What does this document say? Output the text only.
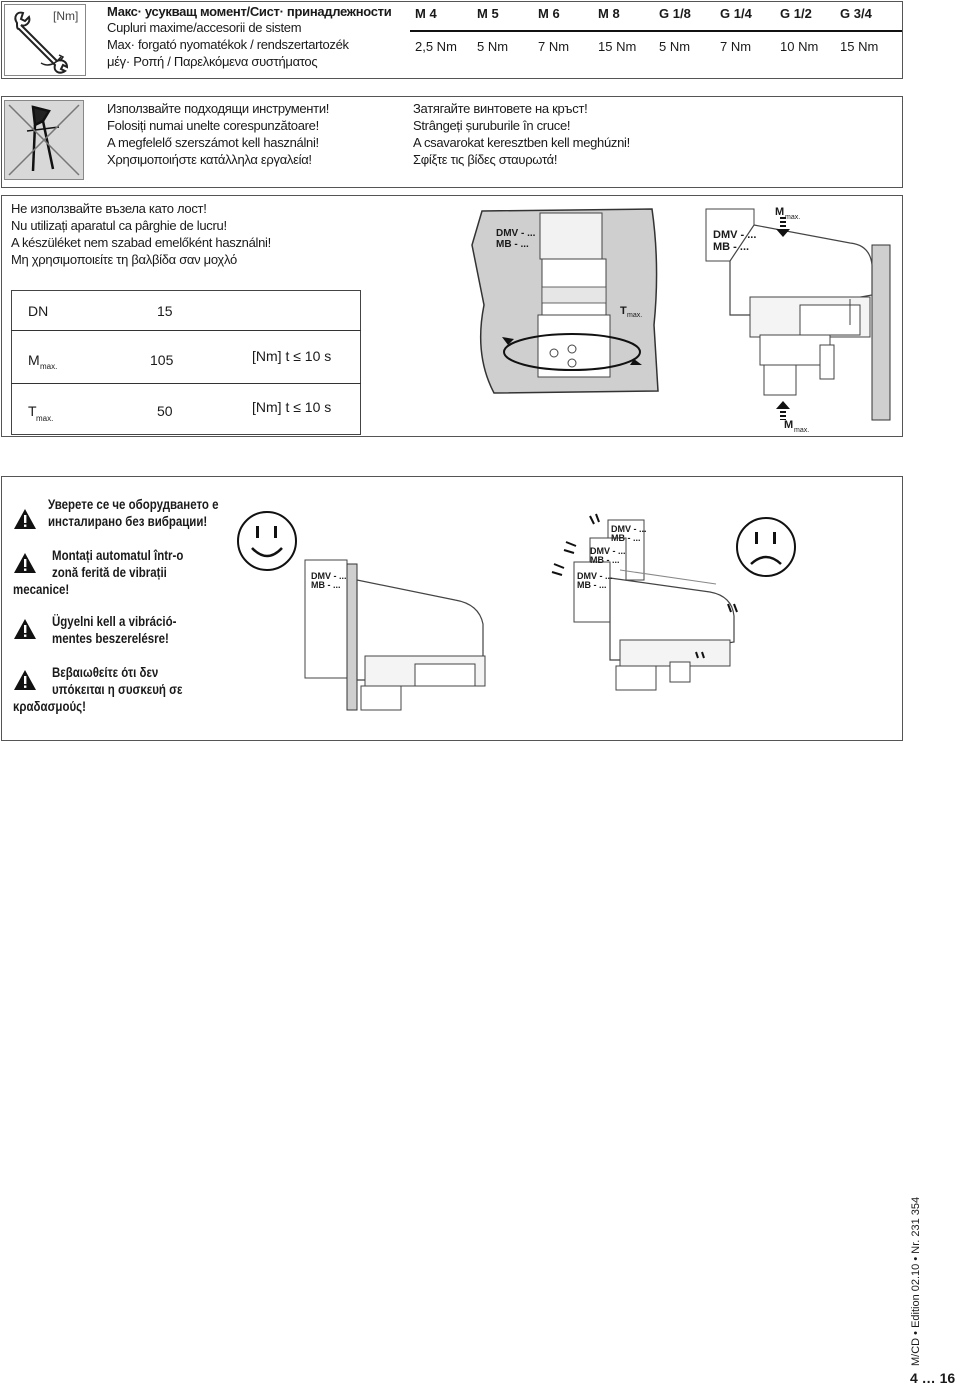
[Nm] Макс· усукващ момент/Сист· принадлежности
Cupluri maxime/accesorii de sistem
Max· forgató nyomatékok / rendszertartozék
μέγ· Ροπή / Παρελκόμενα συστήματος
M 4	M 5	M 6	M 8	G 1/8 G 1/4 G 1/2 G 3/4
2,5 Nm 5 Nm 7 Nm 15 Nm 5 Nm 7 Nm 10 Nm 15 Nm
Използвайте подходящи инструменти!
Folosiți numai unelte corespunzătoare!
A megfelelő szerszámot kell használni!
Χρησιμοποιήστε κατάλληλα εργαλεία!
Затягайте винтовете на кръст!
Strângeți șuruburile în cruce!
A csavarokat keresztben kell meghúzni!
Σφίξτε τις βίδες σταυρωτά!
Не използвайте възела като лост!
Nu utilizați aparatul ca pârghie de lucru!
A készüléket nem szabad emelőként használni!
Μη χρησιμοποιείτε τη βαλβίδα σαν μοχλό
DN	15
M max.	105	[Nm] t ≤ 10 s
T max.	50	[Nm] t ≤ 10 s
DMV - ...
MB - ...
T max.
DMV - ...
MB - ...
M max.
M max.
Уверете се че оборудването е
инсталирано без вибрации!
Montați automatul într-o
zonă ferită de vibrații
mecanice!
Ügyelni kell a vibráció-
mentes beszerelésre!
Βεβαιωθείτε ότι δεν
υπόκειται η συσκευή σε
κραδασμούς!
DMV - ...
MB - ...
DMV - ...
MB - ...
DMV - ...
MB - ...
DMV - ...
MB - ...
M/CD • Edition 02.10 • Nr. 231 354
4 … 16
